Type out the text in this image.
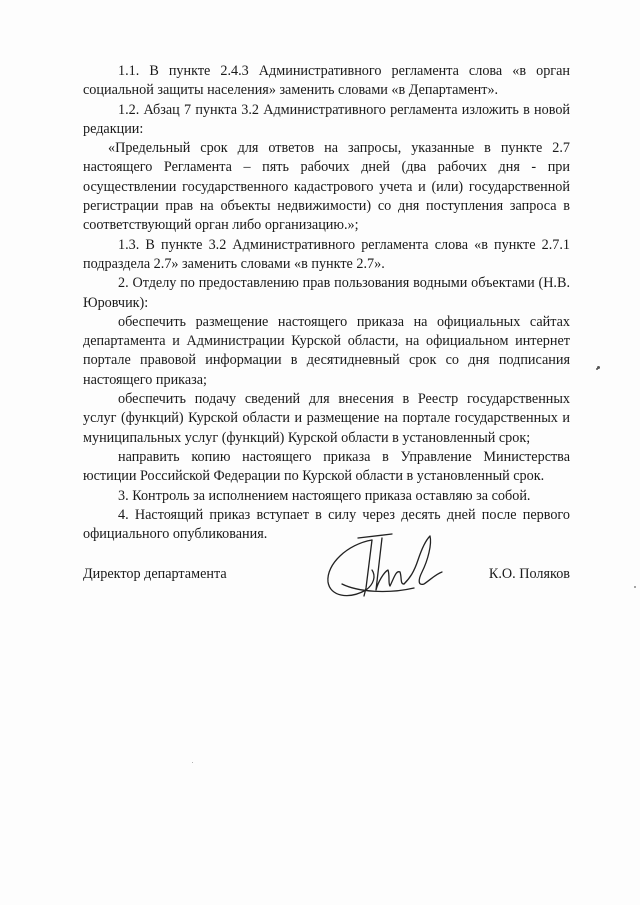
1.1. В пункте 2.4.3 Административного регламента слова «в орган социальной защиты населения» заменить словами «в Департамент».

1.2. Абзац 7 пункта 3.2 Административного регламента изложить в новой редакции:

«Предельный срок для ответов на запросы, указанные в пункте 2.7 настоящего Регламента – пять рабочих дней (два рабочих дня - при осуществлении государственного кадастрового учета и (или) государственной регистрации прав на объекты недвижимости) со дня поступления запроса в соответствующий орган либо организацию.»;

1.3. В пункте 3.2 Административного регламента слова «в пункте 2.7.1 подраздела 2.7» заменить словами «в пункте 2.7».

2. Отделу по предоставлению прав пользования водными объектами (Н.В. Юровчик):

обеспечить размещение настоящего приказа на официальных сайтах департамента и Администрации Курской области, на официальном интернет портале правовой информации в десятидневный срок со дня подписания настоящего приказа;

обеспечить подачу сведений для внесения в Реестр государственных услуг (функций) Курской области и размещение на портале государственных и муниципальных услуг (функций) Курской области в установленный срок;

направить копию настоящего приказа в Управление Министерства юстиции Российской Федерации по Курской области в установленный срок.

3. Контроль за исполнением настоящего приказа оставляю за собой.

4. Настоящий приказ вступает в силу через десять дней после первого официального опубликования.

Директор департамента	К.О. Поляков
